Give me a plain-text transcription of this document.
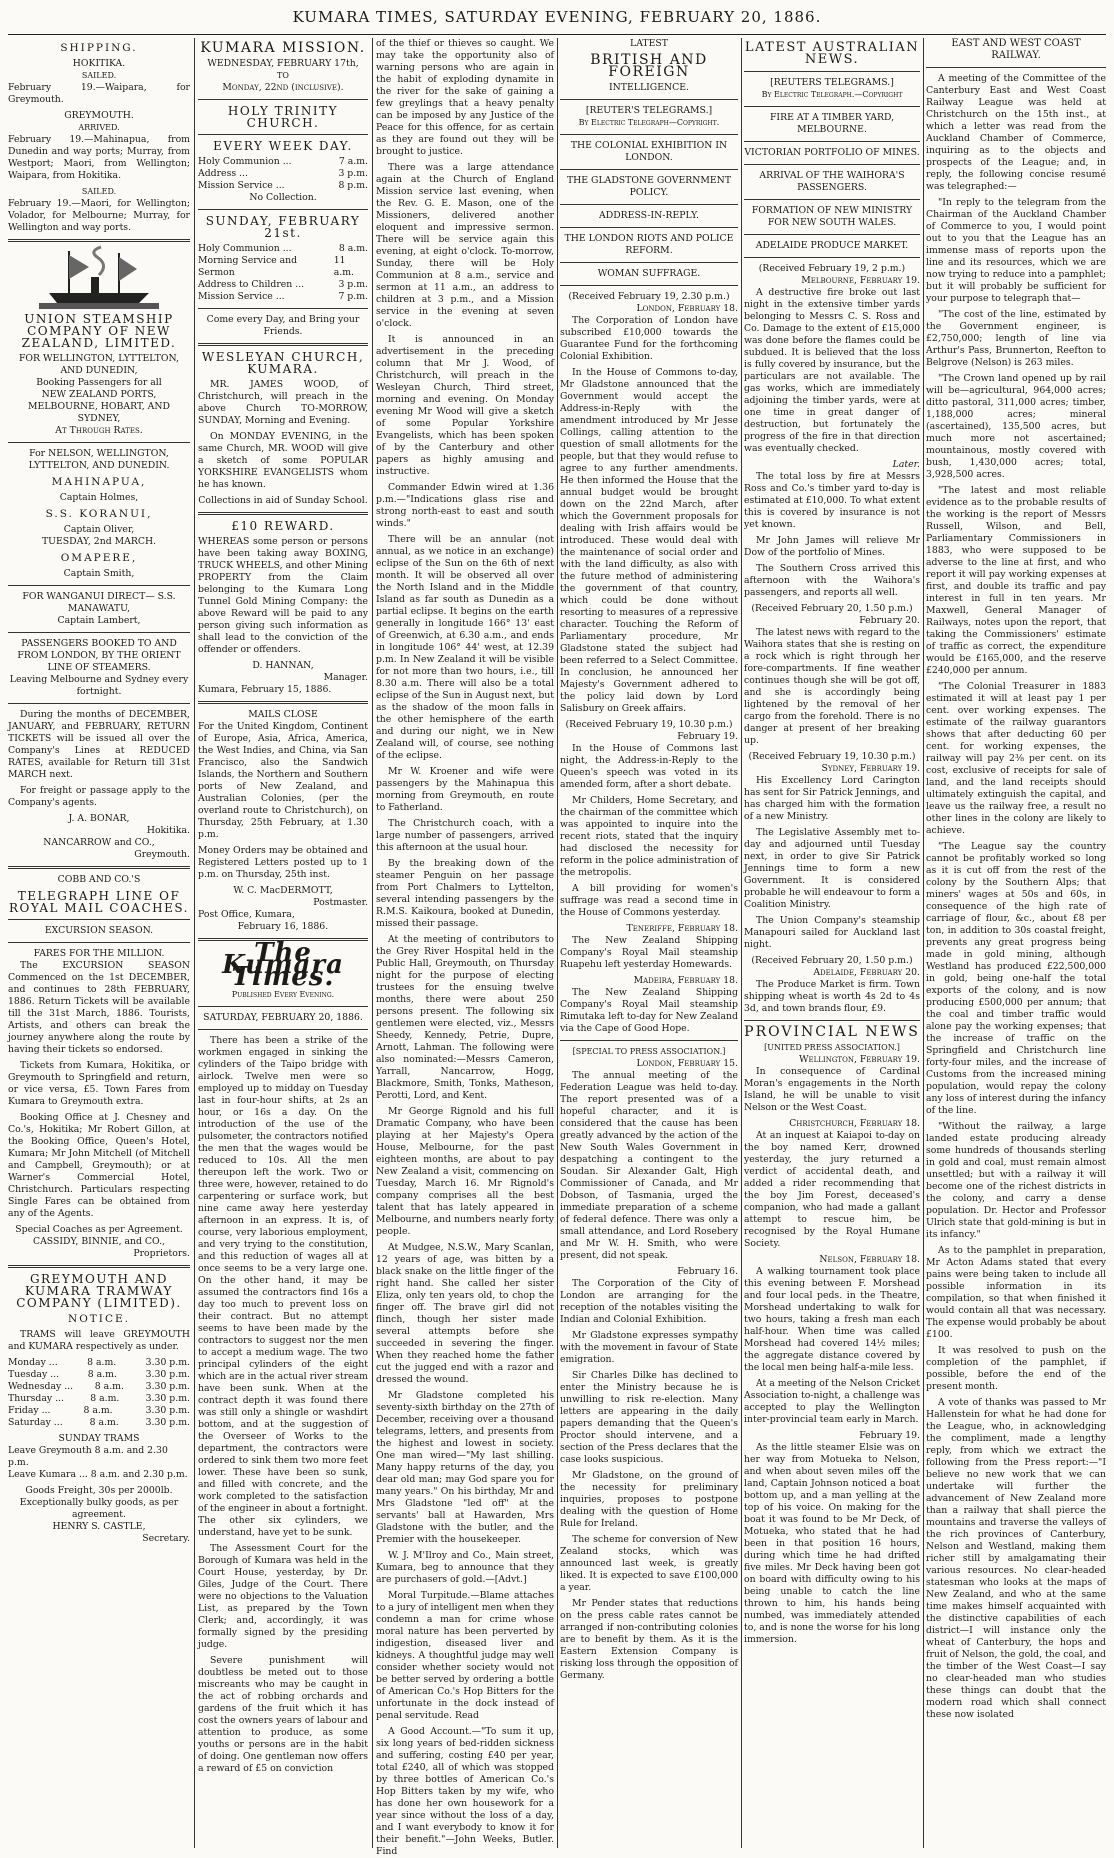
KUMARA TIMES, SATURDAY EVENING, FEBRUARY 20, 1886.
SHIPPING.
HOKITIKA.
SAILED.

February 19.—Waipara, for Greymouth.

GREYMOUTH.
ARRIVED.

February 19.—Mahinapua, from Dunedin and way ports; Murray, from Westport; Maori, from Wellington; Waipara, from Hokitika.

SAILED.

February 19.—Maori, for Wellington; Volador, for Melbourne; Murray, for Wellington and way ports.

UNION STEAMSHIP COMPANY OF NEW ZEALAND, LIMITED.
FOR WELLINGTON, LYTTELTON, AND DUNEDIN,
Booking Passengers for all
NEW ZEALAND PORTS, MELBOURNE, HOBART, AND SYDNEY,
At Through Rates.
For NELSON, WELLINGTON, LYTTELTON, AND DUNEDIN.
MAHINAPUA,
Captain Holmes,
S.S. KORANUI,
Captain Oliver,
TUESDAY, 2nd MARCH.
OMAPERE,
Captain Smith,
FOR WANGANUI DIRECT— S.S. MANAWATU,
Captain Lambert,
PASSENGERS BOOKED TO AND FROM LONDON, BY THE ORIENT LINE OF STEAMERS.
Leaving Melbourne and Sydney every fortnight.

During the months of DECEMBER, JANUARY, and FEBRUARY, RETURN TICKETS will be issued all over the Company's Lines at REDUCED RATES, available for Return till 31st MARCH next.

For freight or passage apply to the Company's agents.

J. A. BONAR,
Hokitika.
NANCARROW and CO.,
Greymouth.
COBB AND CO.'S
TELEGRAPH LINE OF ROYAL MAIL COACHES.
EXCURSION SEASON.
FARES FOR THE MILLION.

The EXCURSION SEASON Commenced on the 1st DECEMBER, and continues to 28th FEBRUARY, 1886. Return Tickets will be available till the 31st March, 1886. Tourists, Artists, and others can break the journey anywhere along the route by having their tickets so endorsed.

Tickets from Kumara, Hokitika, or Greymouth to Springfield and return, or vice versa, £5. Town Fares from Kumara to Greymouth extra.

Booking Office at J. Chesney and Co.'s, Hokitika; Mr Robert Gillon, at the Booking Office, Queen's Hotel, Kumara; Mr John Mitchell (of Mitchell and Campbell, Greymouth); or at Warner's Commercial Hotel, Christchurch. Particulars respecting Single Fares can be obtained from any of the Agents.

Special Coaches as per Agreement.
CASSIDY, BINNIE, and CO.,
Proprietors.
GREYMOUTH AND KUMARA TRAMWAY COMPANY (LIMITED).
NOTICE.

TRAMS will leave GREYMOUTH and KUMARA respectively as under.

Monday ...	8 a.m.	3.30 p.m.
Tuesday ...	8 a.m.	3.30 p.m.
Wednesday ... 8 a.m. 3.30 p.m.
Thursday ...	8 a.m.	3.30 p.m.
Friday ...	8 a.m.	3.30 p.m.
Saturday ...	8 a.m.	3.30 p.m.
SUNDAY TRAMS
Leave Greymouth 8 a.m. and 2.30 p.m.
Leave Kumara ... 8 a.m. and 2.30 p.m.
Goods Freight, 30s per 2000lb.
Exceptionally bulky goods, as per agreement.
HENRY S. CASTLE,
Secretary.
KUMARA MISSION.
WEDNESDAY, FEBRUARY 17th,
TO
Monday, 22nd (inclusive).
HOLY TRINITY CHURCH.
EVERY WEEK DAY.
Holy Communion ...	7 a.m.
Address ...	3 p.m.
Mission Service ...	8 p.m.
No Collection.
SUNDAY, FEBRUARY 21st.
Holy Communion ...	8 a.m.
Morning Service and Sermon
11 a.m.
Address to Children ...	3 p.m.
Mission Service ...	7 p.m.
Come every Day, and Bring your Friends.
WESLEYAN CHURCH, KUMARA.

MR. JAMES WOOD, of Christchurch, will preach in the above Church TO-MORROW, SUNDAY, Morning and Evening.

On MONDAY EVENING, in the same Church, MR. WOOD will give a sketch of some POPULAR YORKSHIRE EVANGELISTS whom he has known.

Collections in aid of Sunday School.
£10 REWARD.

WHEREAS some person or persons have been taking away BOXING, TRUCK WHEELS, and other Mining PROPERTY from the Claim belonging to the Kumara Long Tunnel Gold Mining Company: the above Reward will be paid to any person giving such information as shall lead to the conviction of the offender or offenders.

D. HANNAN,
Manager.
Kumara, February 15, 1886.
MAILS CLOSE

For the United Kingdom, Continent of Europe, Asia, Africa, America, the West Indies, and China, via San Francisco, also the Sandwich Islands, the Northern and Southern ports of New Zealand, and Australian Colonies, (per the overland route to Christchurch), on Thursday, 25th February, at 1.30 p.m.

Money Orders may be obtained and Registered Letters posted up to 1 p.m. on Thursday, 25th inst.

W. C. MacDERMOTT,
Postmaster.
Post Office, Kumara,
February 16, 1886.
The Kumara Times.
Published Every Evening.
SATURDAY, FEBRUARY 20, 1886.

There has been a strike of the workmen engaged in sinking the cylinders of the Taipo bridge with airlock. Twelve men were so employed up to midday on Tuesday last in four-hour shifts, at 2s an hour, or 16s a day. On the introduction of the use of the pulsometer, the contractors notified the men that the wages would be reduced to 10s. All the men thereupon left the work. Two or three were, however, retained to do carpentering or surface work, but nine came away here yesterday afternoon in an express. It is, of course, very laborious employment, and very trying to the constitution, and this reduction of wages all at once seems to be a very large one. On the other hand, it may be assumed the contractors find 16s a day too much to prevent loss on their contract. But no attempt seems to have been made by the contractors to suggest nor the men to accept a medium wage. The two principal cylinders of the eight which are in the actual river stream have been sunk. When at the contract depth it was found there was still only a shingle or washdirt bottom, and at the suggestion of the Overseer of Works to the department, the contractors were ordered to sink them two more feet lower. These have been so sunk, and filled with concrete, and the work completed to the satisfaction of the engineer in about a fortnight. The other six cylinders, we understand, have yet to be sunk.

The Assessment Court for the Borough of Kumara was held in the Court House, yesterday, by Dr. Giles, Judge of the Court. There were no objections to the Valuation List, as prepared by the Town Clerk; and, accordingly, it was formally signed by the presiding judge.

Severe punishment will doubtless be meted out to those miscreants who may be caught in the act of robbing orchards and gardens of the fruit which it has cost the owners years of labour and attention to produce, as some youths or persons are in the habit of doing. One gentleman now offers a reward of £5 on conviction

of the thief or thieves so caught. We may take the opportunity also of warning persons who are again in the habit of exploding dynamite in the river for the sake of gaining a few greylings that a heavy penalty can be imposed by any Justice of the Peace for this offence, for as certain as they are found out they will be brought to justice.

There was a large attendance again at the Church of England Mission service last evening, when the Rev. G. E. Mason, one of the Missioners, delivered another eloquent and impressive sermon. There will be service again this evening, at eight o'clock. To-morrow, Sunday, there will be Holy Communion at 8 a.m., service and sermon at 11 a.m., an address to children at 3 p.m., and a Mission service in the evening at seven o'clock.

It is announced in an advertisement in the preceding column that Mr J. Wood, of Christchurch, will preach in the Wesleyan Church, Third street, morning and evening. On Monday evening Mr Wood will give a sketch of some Popular Yorkshire Evangelists, which has been spoken of by the Canterbury and other papers as highly amusing and instructive.

Commander Edwin wired at 1.36 p.m.—"Indications glass rise and strong north-east to east and south winds."

There will be an annular (not annual, as we notice in an exchange) eclipse of the Sun on the 6th of next month. It will be observed all over the North Island and in the Middle Island as far south as Dunedin as a partial eclipse. It begins on the earth generally in longitude 166° 13' east of Greenwich, at 6.30 a.m., and ends in longitude 106° 44' west, at 12.39 p.m. In New Zealand it will be visible for not more than two hours, i.e., till 8.30 a.m. There will also be a total eclipse of the Sun in August next, but as the shadow of the moon falls in the other hemisphere of the earth and during our night, we in New Zealand will, of course, see nothing of the eclipse.

Mr W. Kroener and wife were passengers by the Mahinapua this morning from Greymouth, en route to Fatherland.

The Christchurch coach, with a large number of passengers, arrived this afternoon at the usual hour.

By the breaking down of the steamer Penguin on her passage from Port Chalmers to Lyttelton, several intending passengers by the R.M.S. Kaikoura, booked at Dunedin, missed their passage.

At the meeting of contributors to the Grey River Hospital held in the Public Hall, Greymouth, on Thursday night for the purpose of electing trustees for the ensuing twelve months, there were about 250 persons present. The following six gentlemen were elected, viz., Messrs Sheedy, Kennedy, Petrie, Dupre, Arnott, Lahman. The following were also nominated:—Messrs Cameron, Yarrall, Nancarrow, Hogg, Blackmore, Smith, Tonks, Matheson, Perotti, Lord, and Kent.

Mr George Rignold and his full Dramatic Company, who have been playing at her Majesty's Opera House, Melbourne, for the past eighteen months, are about to pay New Zealand a visit, commencing on Tuesday, March 16. Mr Rignold's company comprises all the best talent that has lately appeared in Melbourne, and numbers nearly forty people.

At Mudgee, N.S.W., Mary Scanlan, 12 years of age, was bitten by a black snake on the little finger of the right hand. She called her sister Eliza, only ten years old, to chop the finger off. The brave girl did not flinch, though her sister made several attempts before she succeeded in severing the finger. When they reached home the father cut the jugged end with a razor and dressed the wound.

Mr Gladstone completed his seventy-sixth birthday on the 27th of December, receiving over a thousand telegrams, letters, and presents from the highest and lowest in society. One man wired—"My last shilling. Many happy returns of the day, you dear old man; may God spare you for many years." On his birthday, Mr and Mrs Gladstone "led off" at the servants' ball at Hawarden, Mrs Gladstone with the butler, and the Premier with the housekeeper.

W. J. M'Ilroy and Co., Main street, Kumara, beg to announce that they are purchasers of gold.—[Advt.]

Moral Turpitude.—Blame attaches to a jury of intelligent men when they condemn a man for crime whose moral nature has been perverted by indigestion, diseased liver and kidneys. A thoughtful judge may well consider whether society would not be better served by ordering a bottle of American Co.'s Hop Bitters for the unfortunate in the dock instead of penal servitude. Read

A Good Account.—"To sum it up, six long years of bed-ridden sickness and suffering, costing £40 per year, total £240, all of which was stopped by three bottles of American Co.'s Hop Bitters taken by my wife, who has done her own housework for a year since without the loss of a day, and I want everybody to know it for their benefit."—John Weeks, Butler. Find

LATEST
BRITISH AND FOREIGN
INTELLIGENCE.
[REUTER'S TELEGRAMS.]
By Electric Telegraph—Copyright.
THE COLONIAL EXHIBITION IN LONDON.
THE GLADSTONE GOVERNMENT POLICY.
ADDRESS-IN-REPLY.
THE LONDON RIOTS AND POLICE REFORM.
WOMAN SUFFRAGE.
(Received February 19, 2.30 p.m.)
London, February 18.

The Corporation of London have subscribed £10,000 towards the Guarantee Fund for the forthcoming Colonial Exhibition.

In the House of Commons to-day, Mr Gladstone announced that the Government would accept the Address-in-Reply with the amendment introduced by Mr Jesse Collings, calling attention to the question of small allotments for the people, but that they would refuse to agree to any further amendments. He then informed the House that the annual budget would be brought down on the 22nd March, after which the Government proposals for dealing with Irish affairs would be introduced. These would deal with the maintenance of social order and with the land difficulty, as also with the future method of administering the government of that country, which could be done without resorting to measures of a repressive character. Touching the Reform of Parliamentary procedure, Mr Gladstone stated the subject had been referred to a Select Committee. In conclusion, he announced her Majesty's Government adhered to the policy laid down by Lord Salisbury on Greek affairs.

(Received February 19, 10.30 p.m.)
February 19.

In the House of Commons last night, the Address-in-Reply to the Queen's speech was voted in its amended form, after a short debate.

Mr Childers, Home Secretary, and the chairman of the committee which was appointed to inquire into the recent riots, stated that the inquiry had disclosed the necessity for reform in the police administration of the metropolis.

A bill providing for women's suffrage was read a second time in the House of Commons yesterday.

Teneriffe, February 18.

The New Zealand Shipping Company's Royal Mail steamship Ruapehu left yesterday Homewards.

Madeira, February 18.

The New Zealand Shipping Company's Royal Mail steamship Rimutaka left to-day for New Zealand via the Cape of Good Hope.

[SPECIAL TO PRESS ASSOCIATION.]
London, February 15.

The annual meeting of the Federation League was held to-day. The report presented was of a hopeful character, and it is considered that the cause has been greatly advanced by the action of the New South Wales Government in despatching a contingent to the Soudan. Sir Alexander Galt, High Commissioner of Canada, and Mr Dobson, of Tasmania, urged the immediate preparation of a scheme of federal defence. There was only a small attendance, and Lord Rosebery and Mr W. H. Smith, who were present, did not speak.

February 16.

The Corporation of the City of London are arranging for the reception of the notables visiting the Indian and Colonial Exhibition.

Mr Gladstone expresses sympathy with the movement in favour of State emigration.

Sir Charles Dilke has declined to enter the Ministry because he is unwilling to risk re-election. Many letters are appearing in the daily papers demanding that the Queen's Proctor should intervene, and a section of the Press declares that the case looks suspicious.

Mr Gladstone, on the ground of the necessity for preliminary inquiries, proposes to postpone dealing with the question of Home Rule for Ireland.

The scheme for conversion of New Zealand stocks, which was announced last week, is greatly liked. It is expected to save £100,000 a year.

Mr Pender states that reductions on the press cable rates cannot be arranged if non-contributing colonies are to benefit by them. As it is the Eastern Extension Company is risking loss through the opposition of Germany.

LATEST AUSTRALIAN NEWS.
[REUTERS TELEGRAMS.]
By Electric Telegraph.—Copyright
FIRE AT A TIMBER YARD, MELBOURNE.
VICTORIAN PORTFOLIO OF MINES.
ARRIVAL OF THE WAIHORA'S PASSENGERS.
FORMATION OF NEW MINISTRY FOR NEW SOUTH WALES.
ADELAIDE PRODUCE MARKET.
(Received February 19, 2 p.m.)
Melbourne, February 19.

A destructive fire broke out last night in the extensive timber yards belonging to Messrs C. S. Ross and Co. Damage to the extent of £15,000 was done before the flames could be subdued. It is believed that the loss is fully covered by insurance, but the particulars are not available. The gas works, which are immediately adjoining the timber yards, were at one time in great danger of destruction, but fortunately the progress of the fire in that direction was eventually checked.

Later.

The total loss by fire at Messrs Ross and Co.'s timber yard to-day is estimated at £10,000. To what extent this is covered by insurance is not yet known.

Mr John James will relieve Mr Dow of the portfolio of Mines.

The Southern Cross arrived this afternoon with the Waihora's passengers, and reports all well.

(Received February 20, 1.50 p.m.)
February 20.

The latest news with regard to the Waihora states that she is resting on a rock which is right through her fore-compartments. If fine weather continues though she will be got off, and she is accordingly being lightened by the removal of her cargo from the forehold. There is no danger at present of her breaking up.

(Received February 19, 10.30 p.m.)
Sydney, February 19.

His Excellency Lord Carington has sent for Sir Patrick Jennings, and has charged him with the formation of a new Ministry.

The Legislative Assembly met to-day and adjourned until Tuesday next, in order to give Sir Patrick Jennings time to form a new Government. It is considered probable he will endeavour to form a Coalition Ministry.

The Union Company's steamship Manapouri sailed for Auckland last night.

(Received February 20, 1.50 p.m.)
Adelaide, February 20.

The Produce Market is firm. Town shipping wheat is worth 4s 2d to 4s 3d, and town brands flour, £9.

PROVINCIAL NEWS
[UNITED PRESS ASSOCIATION.]
Wellington, February 19.

In consequence of Cardinal Moran's engagements in the North Island, he will be unable to visit Nelson or the West Coast.

Christchurch, February 18.

At an inquest at Kaiapoi to-day on the boy named Kerr, drowned yesterday, the jury returned a verdict of accidental death, and added a rider recommending that the boy Jim Forest, deceased's companion, who had made a gallant attempt to rescue him, be recognised by the Royal Humane Society.

Nelson, February 18.

A walking tournament took place this evening between F. Morshead and four local peds. in the Theatre, Morshead undertaking to walk for two hours, taking a fresh man each half-hour. When time was called Morshead had covered 14½ miles; the aggregate distance covered by the local men being half-a-mile less.

At a meeting of the Nelson Cricket Association to-night, a challenge was accepted to play the Wellington inter-provincial team early in March.

February 19.

As the little steamer Elsie was on her way from Motueka to Nelson, and when about seven miles off the land, Captain Johnson noticed a boat bottom up, and a man yelling at the top of his voice. On making for the boat it was found to be Mr Deck, of Motueka, who stated that he had been in that position 16 hours, during which time he had drifted five miles. Mr Deck having been got on board with difficulty owing to his being unable to catch the line thrown to him, his hands being numbed, was immediately attended to, and is none the worse for his long immersion.

EAST AND WEST COAST RAILWAY.

A meeting of the Committee of the Canterbury East and West Coast Railway League was held at Christchurch on the 15th inst., at which a letter was read from the Auckland Chamber of Commerce, inquiring as to the objects and prospects of the League; and, in reply, the following concise resumé was telegraphed:—

"In reply to the telegram from the Chairman of the Auckland Chamber of Commerce to you, I would point out to you that the League has an immense mass of reports upon the line and its resources, which we are now trying to reduce into a pamphlet; but it will probably be sufficient for your purpose to telegraph that—

"The cost of the line, estimated by the Government engineer, is £2,750,000; length of line via Arthur's Pass, Brunnerton, Reefton to Belgrove (Nelson) is 263 miles.

"The Crown land opened up by rail will be—agricultural, 964,000 acres; ditto pastoral, 311,000 acres; timber, 1,188,000 acres; mineral (ascertained), 135,500 acres, but much more not ascertained; mountainous, mostly covered with bush, 1,430,000 acres; total, 3,928,500 acres.

"The latest and most reliable evidence as to the probable results of the working is the report of Messrs Russell, Wilson, and Bell, Parliamentary Commissioners in 1883, who were supposed to be adverse to the line at first, and who report it will pay working expenses at first, and double its traffic and pay interest in full in ten years. Mr Maxwell, General Manager of Railways, notes upon the report, that taking the Commissioners' estimate of traffic as correct, the expenditure would be £165,000, and the reserve £240,000 per annum.

"The Colonial Treasurer in 1883 estimated it will at least pay 1 per cent. over working expenses. The estimate of the railway guarantors shows that after deducting 60 per cent. for working expenses, the railway will pay 2⅜ per cent. on its cost, exclusive of receipts for sale of land, and the land receipts should ultimately extinguish the capital, and leave us the railway free, a result no other lines in the colony are likely to achieve.

"The League say the country cannot be profitably worked so long as it is cut off from the rest of the colony by the Southern Alps; that miners' wages at 50s and 60s, in consequence of the high rate of carriage of flour, &c., about £8 per ton, in addition to 30s coastal freight, prevents any great progress being made in gold mining, although Westland has produced £22,500,000 in gold, being one-half the total exports of the colony, and is now producing £500,000 per annum; that the coal and timber traffic would alone pay the working expenses; that the increase of traffic on the Springfield and Christchurch line forty-four miles, and the increase of Customs from the increased mining population, would repay the colony any loss of interest during the infancy of the line.

"Without the railway, a large landed estate producing already some hundreds of thousands sterling in gold and coal, must remain almost unsettled; but with a railway it will become one of the richest districts in the colony, and carry a dense population. Dr. Hector and Professor Ulrich state that gold-mining is but in its infancy."

As to the pamphlet in preparation, Mr Acton Adams stated that every pains were being taken to include all possible information in its compilation, so that when finished it would contain all that was necessary. The expense would probably be about £100.

It was resolved to push on the completion of the pamphlet, if possible, before the end of the present month.

A vote of thanks was passed to Mr Hallenstein for what he had done for the League, who, in acknowledging the compliment, made a lengthy reply, from which we extract the following from the Press report:—"I believe no new work that we can undertake will further the advancement of New Zealand more than a railway that shall pierce the mountains and traverse the valleys of the rich provinces of Canterbury, Nelson and Westland, making them richer still by amalgamating their various resources. No clear-headed statesman who looks at the maps of New Zealand, and who at the same time makes himself acquainted with the distinctive capabilities of each district—I will instance only the wheat of Canterbury, the hops and fruit of Nelson, the gold, the coal, and the timber of the West Coast—I say no clear-headed man who studies these things can doubt that the modern road which shall connect these now isolated
